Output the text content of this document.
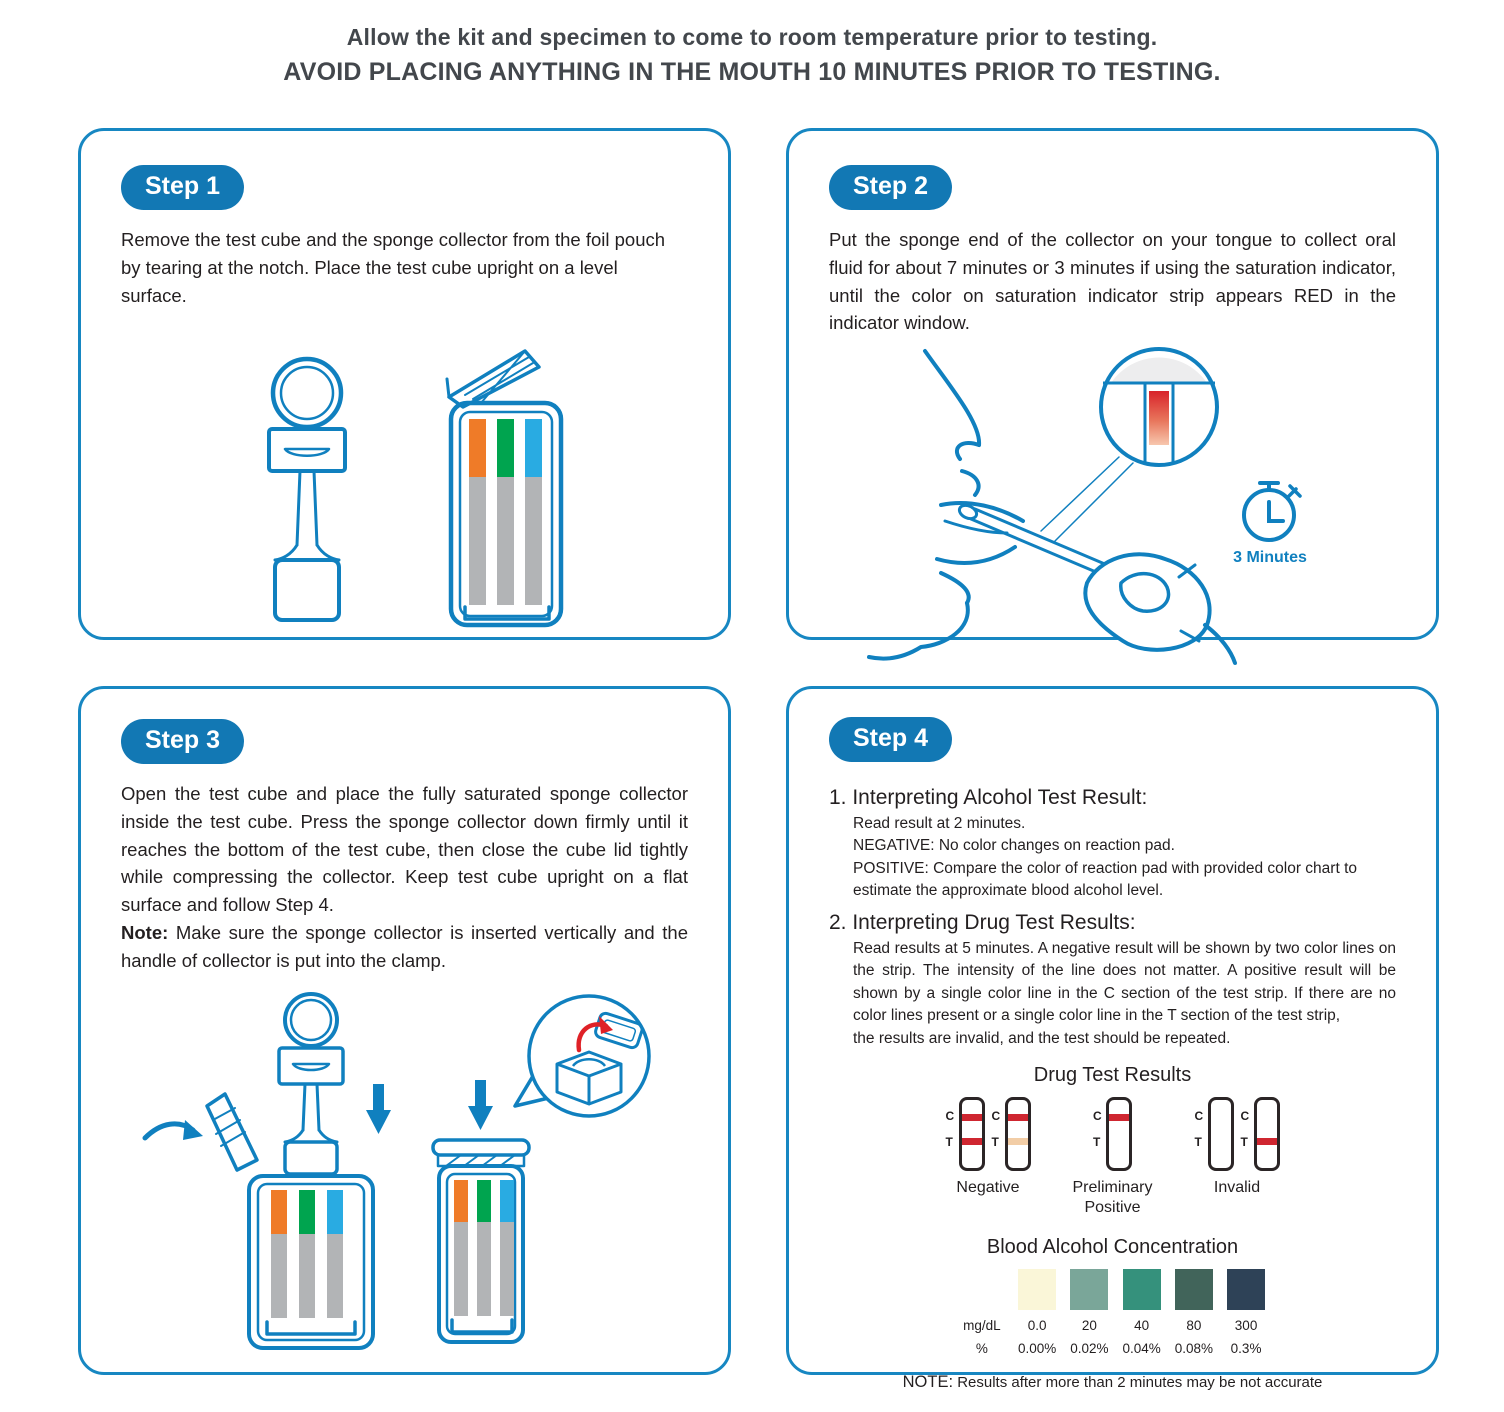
Allow the kit and specimen to come to room temperature prior to testing.
AVOID PLACING ANYTHING IN THE MOUTH 10 MINUTES PRIOR TO TESTING.
Step 1

Remove the test cube and the sponge collector from the foil pouch by tearing at the notch. Place the test cube upright on a level surface.

Step 2

Put the sponge end of the collector on your tongue to collect oral fluid for about 7 minutes or 3 minutes if using the saturation indicator, until the color on saturation indicator strip appears RED in the indicator window.

3 Minutes
Step 3

Open the test cube and place the fully saturated sponge collector inside the test cube. Press the sponge collector down firmly until it reaches the bottom of the test cube, then close the cube lid tightly while compressing the collector. Keep test cube upright on a flat surface and follow Step 4.
Note: Make sure the sponge collector is inserted vertically and the handle of collector is put into the clamp.

Step 4
1. Interpreting Alcohol Test Result:
Read result at 2 minutes.
NEGATIVE: No color changes on reaction pad.
POSITIVE: Compare the color of reaction pad with provided color chart to estimate the approximate blood alcohol level.
2. Interpreting Drug Test Results:
Read results at 5 minutes. A negative result will be shown by two color lines on the strip. The intensity of the line does not matter. A positive result will be shown by a single color line in the C section of the test strip. If there are no color lines present or a single color line in the T section of the test strip,
the results are invalid, and the test should be repeated.
Drug Test Results
C
T
C
T
Negative
C
T
Preliminary Positive
C
T
C
T
Invalid
Blood Alcohol Concentration
mg/dL
%
0.0
0.00%
20
0.02%
40
0.04%
80
0.08%
300
0.3%
NOTE: Results after more than 2 minutes may be not accurate
